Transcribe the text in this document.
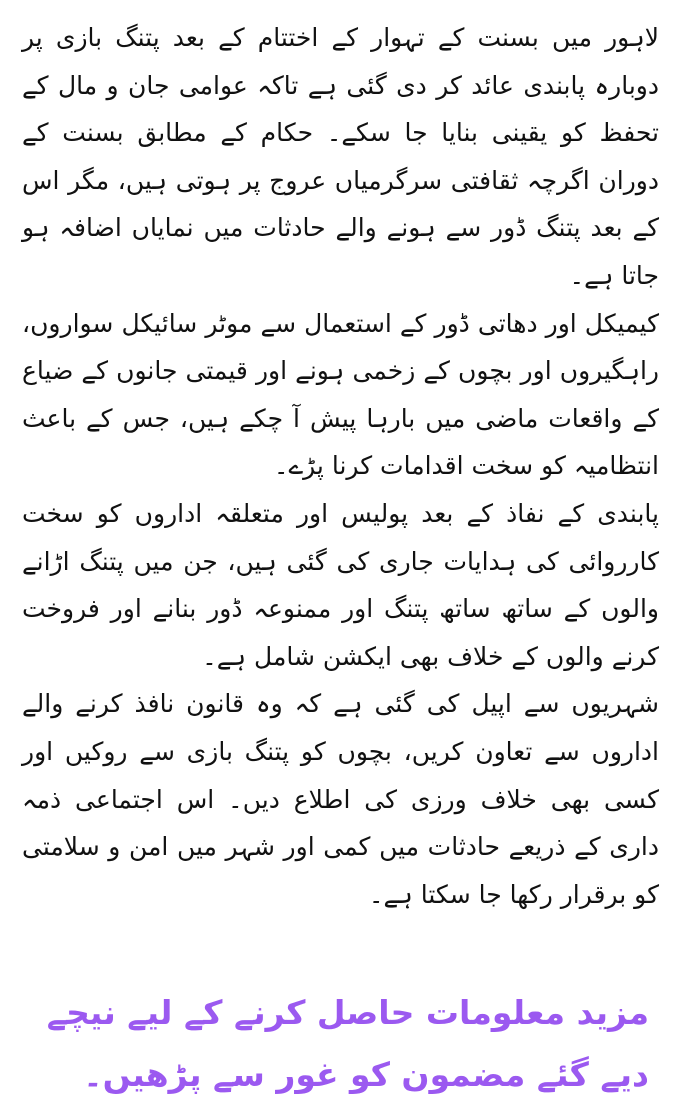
لاہور میں بسنت کے تہوار کے اختتام کے بعد پتنگ بازی پر دوبارہ پابندی عائد کر دی گئی ہے تاکہ عوامی جان و مال کے تحفظ کو یقینی بنایا جا سکے۔ حکام کے مطابق بسنت کے دوران اگرچہ ثقافتی سرگرمیاں عروج پر ہوتی ہیں، مگر اس کے بعد پتنگ ڈور سے ہونے والے حادثات میں نمایاں اضافہ ہو جاتا ہے۔

کیمیکل اور دھاتی ڈور کے استعمال سے موٹر سائیکل سواروں، راہگیروں اور بچوں کے زخمی ہونے اور قیمتی جانوں کے ضیاع کے واقعات ماضی میں بارہا پیش آ چکے ہیں، جس کے باعث انتظامیہ کو سخت اقدامات کرنا پڑے۔

پابندی کے نفاذ کے بعد پولیس اور متعلقہ اداروں کو سخت کارروائی کی ہدایات جاری کی گئی ہیں، جن میں پتنگ اڑانے والوں کے ساتھ ساتھ پتنگ اور ممنوعہ ڈور بنانے اور فروخت کرنے والوں کے خلاف بھی ایکشن شامل ہے۔

شہریوں سے اپیل کی گئی ہے کہ وہ قانون نافذ کرنے والے اداروں سے تعاون کریں، بچوں کو پتنگ بازی سے روکیں اور کسی بھی خلاف ورزی کی اطلاع دیں۔ اس اجتماعی ذمہ داری کے ذریعے حادثات میں کمی اور شہر میں امن و سلامتی کو برقرار رکھا جا سکتا ہے۔

مزید معلومات حاصل کرنے کے لیے نیچے دیے گئے مضمون کو غور سے پڑھیں۔
